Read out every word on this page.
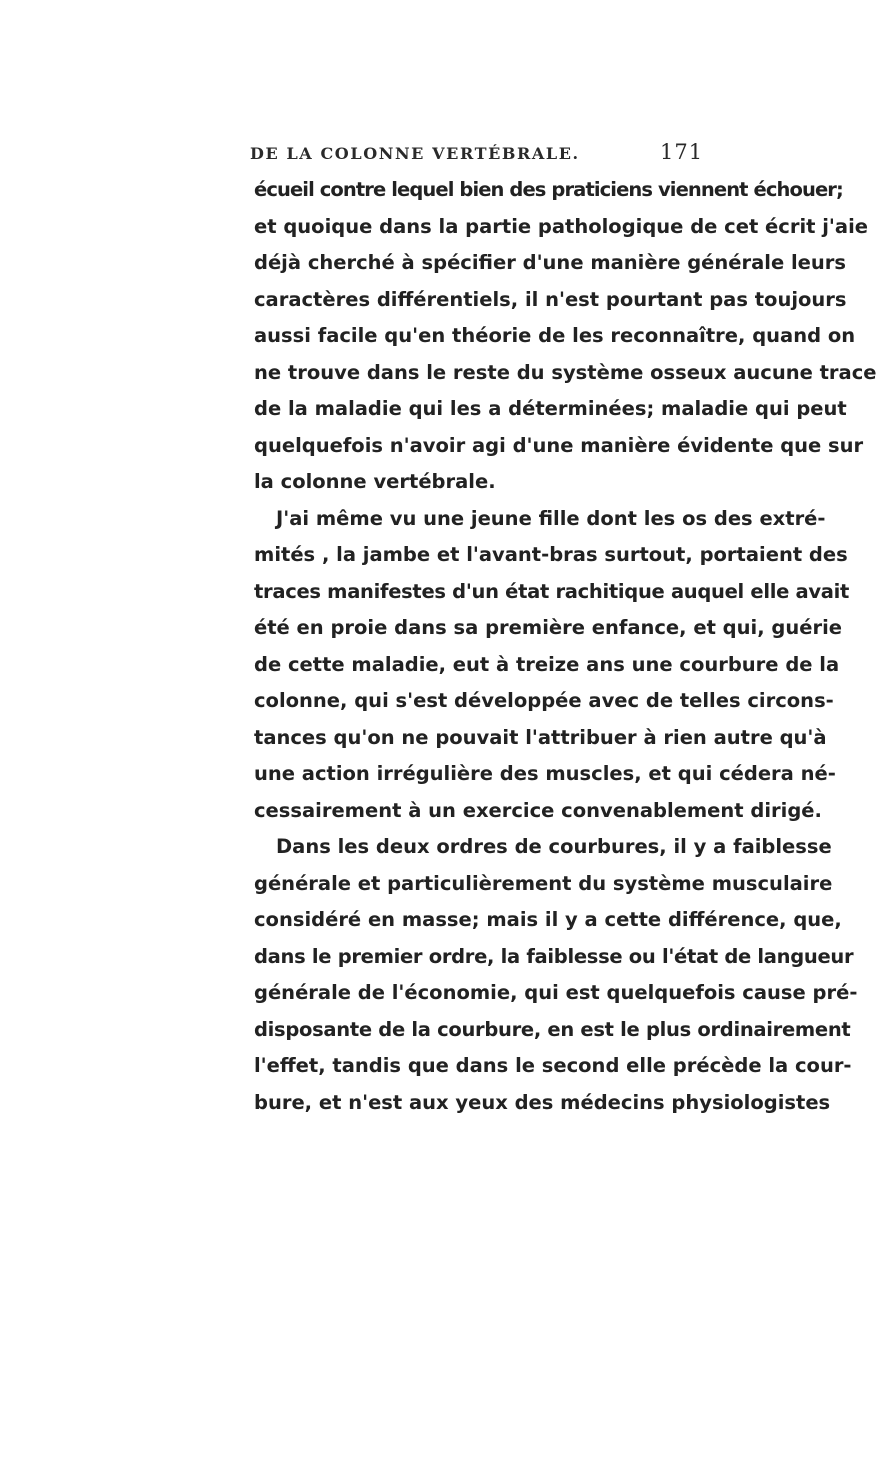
DE LA COLONNE VERTÉBRALE.	171
écueil contre lequel bien des praticiens viennent échouer;
et quoique dans la partie pathologique de cet écrit j'aie
déjà cherché à spécifier d'une manière générale leurs
caractères différentiels, il n'est pourtant pas toujours
aussi facile qu'en théorie de les reconnaître, quand on
ne trouve dans le reste du système osseux aucune trace
de la maladie qui les a déterminées; maladie qui peut
quelquefois n'avoir agi d'une manière évidente que sur
la colonne vertébrale.
J'ai même vu une jeune fille dont les os des extré-
mités , la jambe et l'avant-bras surtout, portaient des
traces manifestes d'un état rachitique auquel elle avait
été en proie dans sa première enfance, et qui, guérie
de cette maladie, eut à treize ans une courbure de la
colonne, qui s'est développée avec de telles circons-
tances qu'on ne pouvait l'attribuer à rien autre qu'à
une action irrégulière des muscles, et qui cédera né-
cessairement à un exercice convenablement dirigé.
Dans les deux ordres de courbures, il y a faiblesse
générale et particulièrement du système musculaire
considéré en masse; mais il y a cette différence, que,
dans le premier ordre, la faiblesse ou l'état de langueur
générale de l'économie, qui est quelquefois cause pré-
disposante de la courbure, en est le plus ordinairement
l'effet, tandis que dans le second elle précède la cour-
bure, et n'est aux yeux des médecins physiologistes
